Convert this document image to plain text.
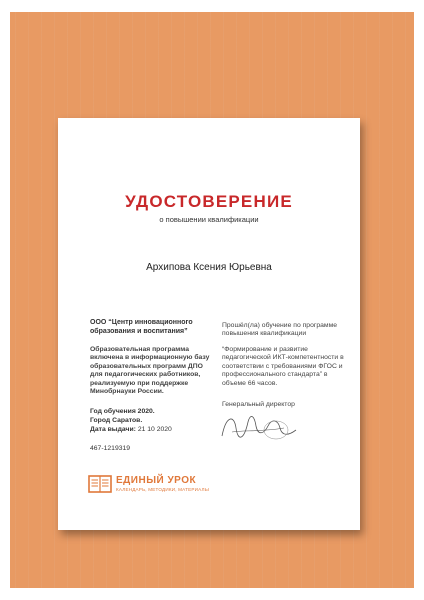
УДОСТОВЕРЕНИЕ
о повышении квалификации
Архипова Ксения Юрьевна
ООО “Центр инновационного образования и воспитания”
Образовательная программа включена в информационную базу образовательных программ ДПО для педагогических работников, реализуемую при поддержке Минобрнауки России.
Год обучения 2020.
Город Саратов.
Дата выдачи: 21 10 2020
467-1219319
Прошёл(ла) обучение по программе повышения квалификации
“Формирование и развитие педагогической ИКТ-компетентности в соответствии с требованиями ФГОС и профессионального стандарта” в объеме 66 часов.
Генеральный директор
ЕДИНЫЙ УРОК
КАЛЕНДАРЬ, МЕТОДИКИ, МАТЕРИАЛЫ
